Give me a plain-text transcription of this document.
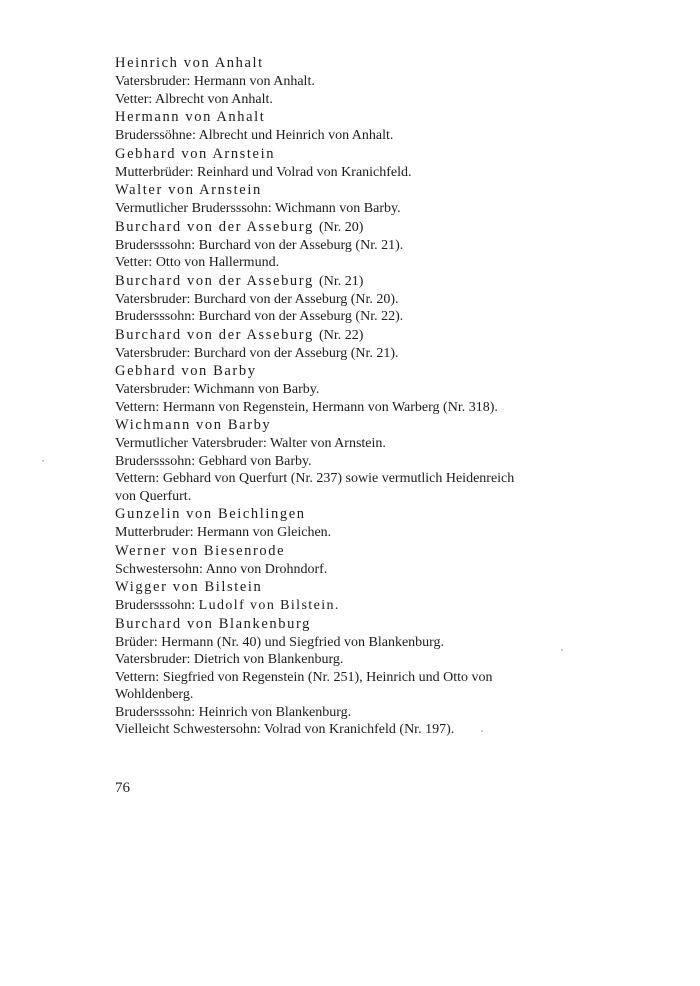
Heinrich von Anhalt
Vatersbruder: Hermann von Anhalt.
Vetter: Albrecht von Anhalt.
Hermann von Anhalt
Bruderssöhne: Albrecht und Heinrich von Anhalt.
Gebhard von Arnstein
Mutterbrüder: Reinhard und Volrad von Kranichfeld.
Walter von Arnstein
Vermutlicher Brudersssohn: Wichmann von Barby.
Burchard von der Asseburg (Nr. 20)
Brudersssohn: Burchard von der Asseburg (Nr. 21).
Vetter: Otto von Hallermund.
Burchard von der Asseburg (Nr. 21)
Vatersbruder: Burchard von der Asseburg (Nr. 20).
Brudersssohn: Burchard von der Asseburg (Nr. 22).
Burchard von der Asseburg (Nr. 22)
Vatersbruder: Burchard von der Asseburg (Nr. 21).
Gebhard von Barby
Vatersbruder: Wichmann von Barby.
Vettern: Hermann von Regenstein, Hermann von Warberg (Nr. 318).
Wichmann von Barby
Vermutlicher Vatersbruder: Walter von Arnstein.
Brudersssohn: Gebhard von Barby.
Vettern: Gebhard von Querfurt (Nr. 237) sowie vermutlich Heidenreich
von Querfurt.
Gunzelin von Beichlingen
Mutterbruder: Hermann von Gleichen.
Werner von Biesenrode
Schwestersohn: Anno von Drohndorf.
Wigger von Bilstein
Brudersssohn: Ludolf von Bilstein.
Burchard von Blankenburg
Brüder: Hermann (Nr. 40) und Siegfried von Blankenburg.
Vatersbruder: Dietrich von Blankenburg.
Vettern: Siegfried von Regenstein (Nr. 251), Heinrich und Otto von
Wohldenberg.
Brudersssohn: Heinrich von Blankenburg.
Vielleicht Schwestersohn: Volrad von Kranichfeld (Nr. 197).
76
